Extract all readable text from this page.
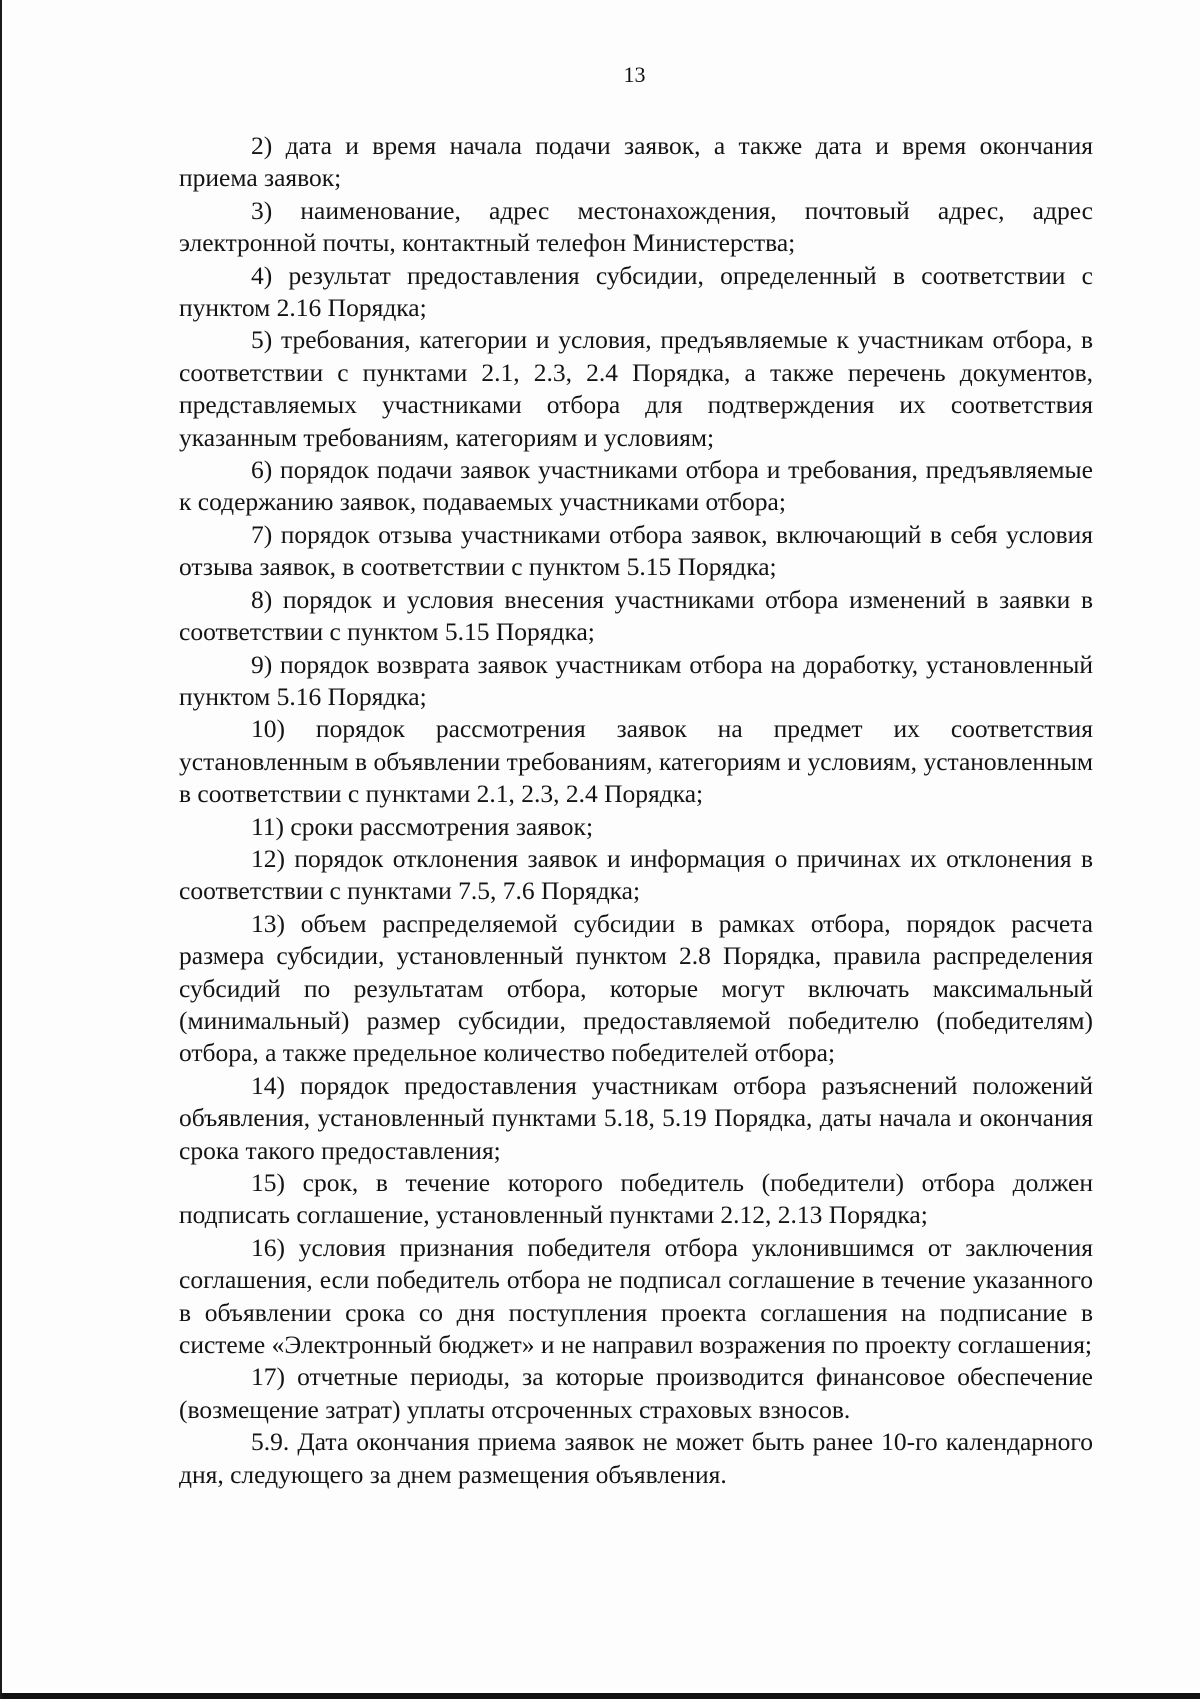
13

2) дата и время начала подачи заявок, а также дата и время окончания приема заявок;

3) наименование, адрес местонахождения, почтовый адрес, адрес электронной почты, контактный телефон Министерства;

4) результат предоставления субсидии, определенный в соответствии с пунктом 2.16 Порядка;

5) требования, категории и условия, предъявляемые к участникам отбора, в соответствии с пунктами 2.1, 2.3, 2.4 Порядка, а также перечень документов, представляемых участниками отбора для подтверждения их соответствия указанным требованиям, категориям и условиям;

6) порядок подачи заявок участниками отбора и требования, предъявляемые к содержанию заявок, подаваемых участниками отбора;

7) порядок отзыва участниками отбора заявок, включающий в себя условия отзыва заявок, в соответствии с пунктом 5.15 Порядка;

8) порядок и условия внесения участниками отбора изменений в заявки в соответствии с пунктом 5.15 Порядка;

9) порядок возврата заявок участникам отбора на доработку, установленный пунктом 5.16 Порядка;

10) порядок рассмотрения заявок на предмет их соответствия установленным в объявлении требованиям, категориям и условиям, установленным в соответствии с пунктами 2.1, 2.3, 2.4 Порядка;

11) сроки рассмотрения заявок;

12) порядок отклонения заявок и информация о причинах их отклонения в соответствии с пунктами 7.5, 7.6 Порядка;

13) объем распределяемой субсидии в рамках отбора, порядок расчета размера субсидии, установленный пунктом 2.8 Порядка, правила распределения субсидий по результатам отбора, которые могут включать максимальный (минимальный) размер субсидии, предоставляемой победителю (победителям) отбора, а также предельное количество победителей отбора;

14) порядок предоставления участникам отбора разъяснений положений объявления, установленный пунктами 5.18, 5.19 Порядка, даты начала и окончания срока такого предоставления;

15) срок, в течение которого победитель (победители) отбора должен подписать соглашение, установленный пунктами 2.12, 2.13 Порядка;

16) условия признания победителя отбора уклонившимся от заключения соглашения, если победитель отбора не подписал соглашение в течение указанного в объявлении срока со дня поступления проекта соглашения на подписание в системе «Электронный бюджет» и не направил возражения по проекту соглашения;

17) отчетные периоды, за которые производится финансовое обеспечение (возмещение затрат) уплаты отсроченных страховых взносов.

5.9. Дата окончания приема заявок не может быть ранее 10-го календарного дня, следующего за днем размещения объявления.
